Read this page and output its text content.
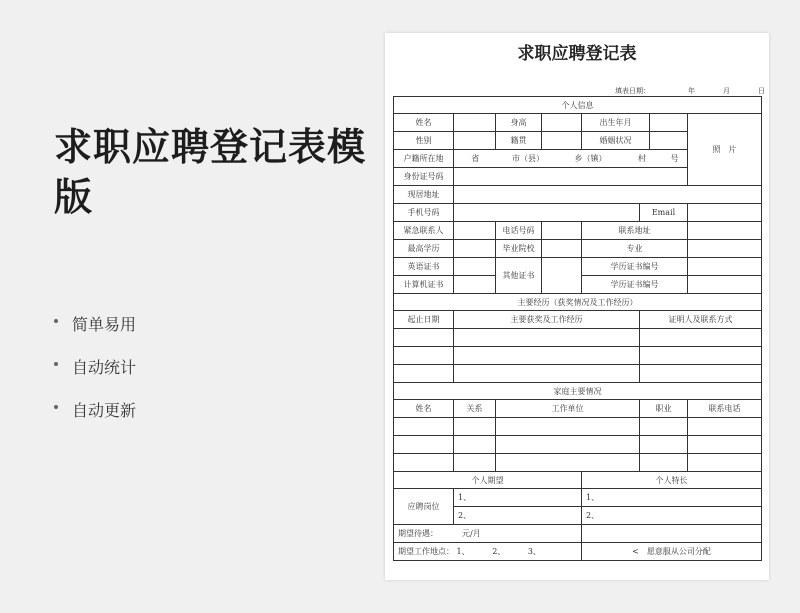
求职应聘登记表模版
简单易用
自动统计
自动更新
求职应聘登记表
填表日期：	年	月	日
个人信息							
姓名		身高		出生年月			照　片
性别		籍贯		婚姻状况			
户籍所在地	省 市（县） 乡（镇） 村 号						
身份证号码							
现居地址							
手机号码					Email		
紧急联系人		电话号码		联系地址			
最高学历		毕业院校		专业			
英语证书		其他证书		学历证书编号			
计算机证书				学历证书编号			
主要经历（获奖情况及工作经历）							
起止日期	主要获奖及工作经历				证明人及联系方式		

家庭主要情况							
姓名	关系	工作单位			职业		联系电话

个人期望				个人特长			
应聘岗位	1、			1、			
	2、			2、			
期望待遇： 元/月							
期望工作地点： 1、 2、 3、				<　愿意服从公司分配			
